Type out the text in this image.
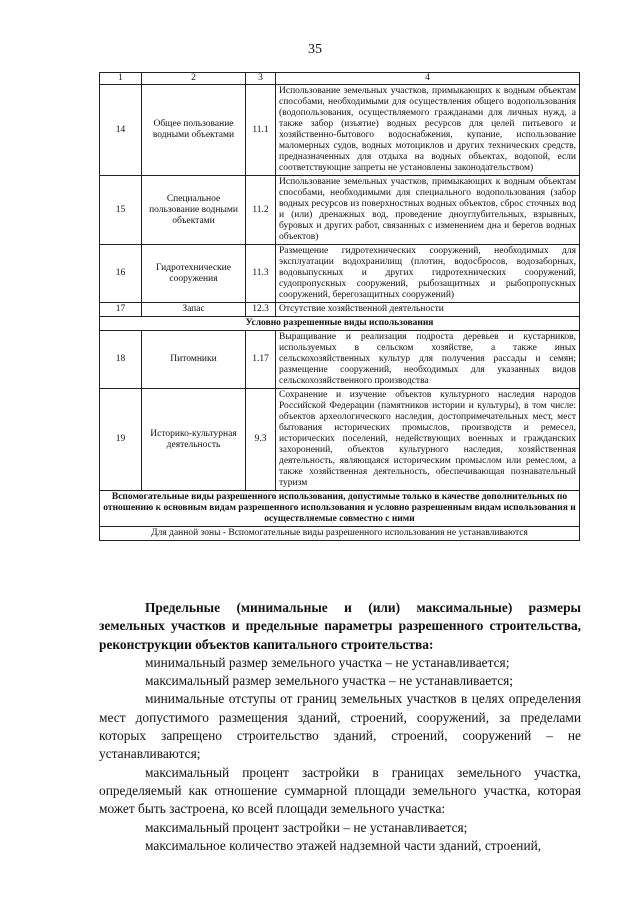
35
1	2	3	4
14	Общее пользование водными объектами	11.1	Использование земельных участков, примыкающих к водным объектам способами, необходимыми для осуществления общего водопользования (водопользования, осуществляемого гражданами для личных нужд, а также забор (изъятие) водных ресурсов для целей питьевого и хозяйственно-бытового водоснабжения, купание, использование маломерных судов, водных мотоциклов и других технических средств, предназначенных для отдыха на водных объектах, водопой, если соответствующие запреты не установлены законодательством)
15	Специальное пользование водными объектами	11.2	Использование земельных участков, примыкающих к водным объектам способами, необходимыми для специального водопользования (забор водных ресурсов из поверхностных водных объектов, сброс сточных вод и (или) дренажных вод, проведение дноуглубительных, взрывных, буровых и других работ, связанных с изменением дна и берегов водных объектов)
16	Гидротехнические сооружения	11.3	Размещение гидротехнических сооружений, необходимых для эксплуатации водохранилищ (плотин, водосбросов, водозаборных, водовыпускных и других гидротехнических сооружений, судопропускных сооружений, рыбозащитных и рыбопропускных сооружений, берегозащитных сооружений)
17	Запас	12.3	Отсутствие хозяйственной деятельности
Условно разрешенные виды использования			
18	Питомники	1.17	Выращивание и реализация подроста деревьев и кустарников, используемых в сельском хозяйстве, а также иных сельскохозяйственных культур для получения рассады и семян; размещение сооружений, необходимых для указанных видов сельскохозяйственного производства
19	Историко-культурная деятельность	9.3	Сохранение и изучение объектов культурного наследия народов Российской Федерации (памятников истории и культуры), в том числе: объектов археологического наследия, достопримечательных мест, мест бытования исторических промыслов, производств и ремесел, исторических поселений, недействующих военных и гражданских захоронений, объектов культурного наследия, хозяйственная деятельность, являющаяся историческим промыслом или ремеслом, а также хозяйственная деятельность, обеспечивающая познавательный туризм
Вспомогательные виды разрешенного использования, допустимые только в качестве дополнительных по отношению к основным видам разрешенного использования и условно разрешенным видам использования и осуществляемые совместно с ними			
Для данной зоны - Вспомогательные виды разрешенного использования не устанавливаются			

Предельные (минимальные и (или) максимальные) размеры земельных участков и предельные параметры разрешенного строительства, реконструкции объектов капитального строительства:

минимальный размер земельного участка – не устанавливается;

максимальный размер земельного участка – не устанавливается;

минимальные отступы от границ земельных участков в целях определения мест допустимого размещения зданий, строений, сооружений, за пределами которых запрещено строительство зданий, строений, сооружений – не устанавливаются;

максимальный процент застройки в границах земельного участка, определяемый как отношение суммарной площади земельного участка, которая может быть застроена, ко всей площади земельного участка:

максимальный процент застройки – не устанавливается;

максимальное количество этажей надземной части зданий, строений,
